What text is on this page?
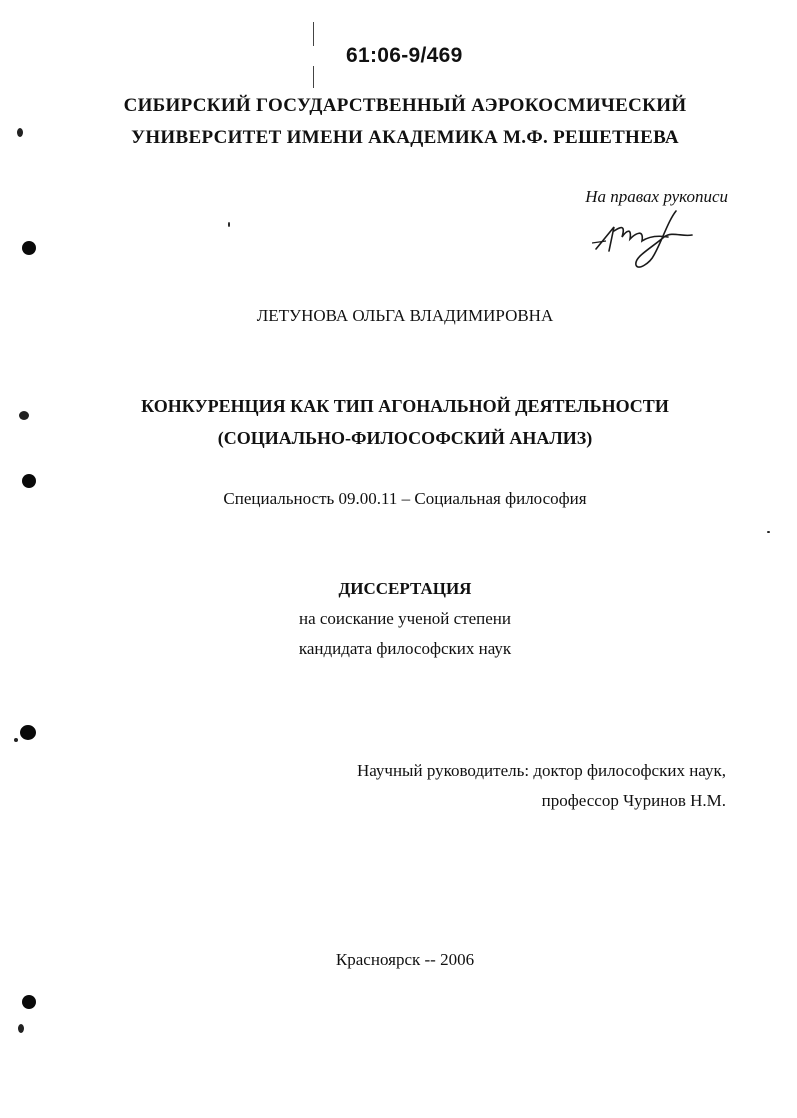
61:06-9/469
СИБИРСКИЙ ГОСУДАРСТВЕННЫЙ АЭРОКОСМИЧЕСКИЙ
УНИВЕРСИТЕТ ИМЕНИ АКАДЕМИКА М.Ф. РЕШЕТНЕВА
На правах рукописи
ЛЕТУНОВА ОЛЬГА ВЛАДИМИРОВНА
КОНКУРЕНЦИЯ КАК ТИП АГОНАЛЬНОЙ ДЕЯТЕЛЬНОСТИ
(СОЦИАЛЬНО-ФИЛОСОФСКИЙ АНАЛИЗ)
Специальность 09.00.11 – Социальная философия
ДИССЕРТАЦИЯ
на соискание ученой степени
кандидата философских наук
Научный руководитель: доктор философских наук,
профессор Чуринов Н.М.
Красноярск -- 2006
